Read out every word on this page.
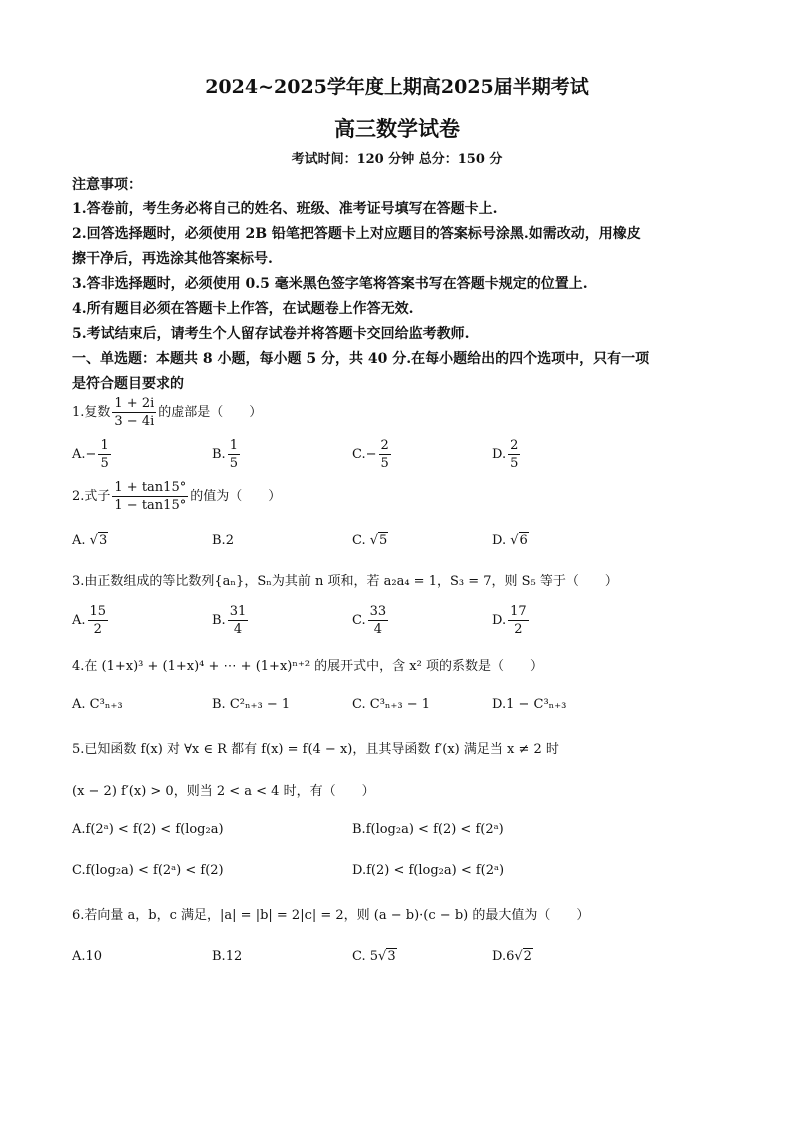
2024~2025学年度上期高2025届半期考试
高三数学试卷
考试时间：120 分钟 总分：150 分
注意事项：
1.答卷前，考生务必将自己的姓名、班级、准考证号填写在答题卡上.
2.回答选择题时，必须使用 2B 铅笔把答题卡上对应题目的答案标号涂黑.如需改动，用橡皮
擦干净后，再选涂其他答案标号.
3.答非选择题时，必须使用 0.5 毫米黑色签字笔将答案书写在答题卡规定的位置上.
4.所有题目必须在答题卡上作答，在试题卷上作答无效.
5.考试结束后，请考生个人留存试卷并将答题卡交回给监考教师.
一、单选题：本题共 8 小题，每小题 5 分，共 40 分.在每小题给出的四个选项中，只有一项
是符合题目要求的
1.复数 $\frac{1 + 2i}{3 - 4i}$ 的虚部是（　　）
$A.- \frac{1}{5}$	B. $\frac{1}{5}$	$C.- \frac{2}{5}$	D. $\frac{2}{5}$
2.式子 $\frac{1 + \tan 15^\circ}{1 - \tan 15^\circ}$ 的值为（　　）
A. √3	B.2	C. √5	D. √6
3.由正数组成的等比数列{aₙ}，Sₙ为其前 n 项和，若 a₂a₄ = 1，S₃ = 7，则 S₅ 等于（　　）
A. $\frac{15}{2}$	B. $\frac{31}{4}$	C. $\frac{33}{4}$	D. $\frac{17}{2}$
4.在 (1+x)³ + (1+x)⁴ + ⋯ + (1+x)ⁿ⁺² 的展开式中，含 x² 项的系数是（　　）
A. C³ₙ₊₃	B. C²ₙ₊₃ − 1	C. C³ₙ₊₃ − 1	D.1 − C³ₙ₊₃
5.已知函数 f(x) 对 ∀x ∈ R 都有 f(x) = f(4 − x)，且其导函数 f′(x) 满足当 x ≠ 2 时
(x − 2) f′(x) > 0，则当 2 < a < 4 时，有（　　）
A.f(2ᵃ) < f(2) < f(log₂a)	B.f(log₂a) < f(2) < f(2ᵃ)
C.f(log₂a) < f(2ᵃ) < f(2)	D.f(2) < f(log₂a) < f(2ᵃ)
6.若向量 a，b，c 满足，|a| = |b| = 2|c| = 2，则 (a − b)·(c − b) 的最大值为（　　）
A.10	B.12	C. 5√3	D.6√2
